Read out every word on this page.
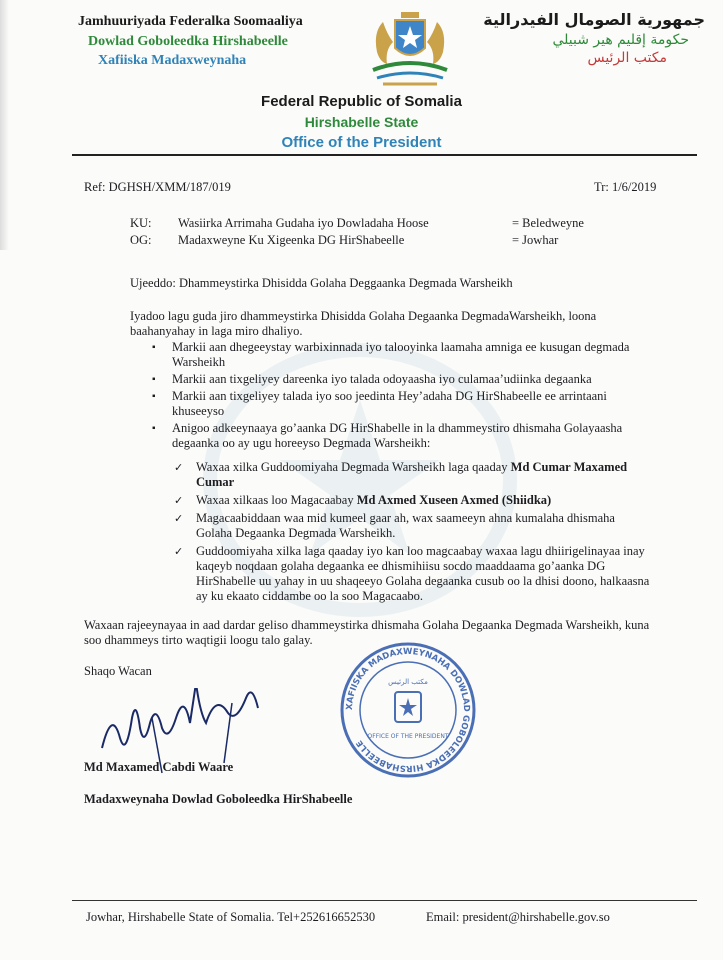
Jamhuuriyada Federalka Soomaaliya
Dowlad Goboleedka Hirshabeelle
Xafiiska Madaxweynaha
جمهورية الصومال الفيدرالية
حكومة إقليم هير شبيلي
مكتب الرئيس
Federal Republic of Somalia
Hirshabelle State
Office of the President
Ref: DGHSH/XMM/187/019	Tr: 1/6/2019
KU: Wasiirka Arrimaha Gudaha iyo Dowladaha Hoose	= Beledweyne
OG: Madaxweyne Ku Xigeenka DG HirShabeelle	= Jowhar
Ujeeddo: Dhammeystirka Dhisidda Golaha Deggaanka Degmada Warsheikh
Iyadoo lagu guda jiro dhammeystirka Dhisidda Golaha Degaanka DegmadaWarsheikh, loona baahanyahay in laga miro dhaliyo.
▪ Markii aan dhegeeystay warbixinnada iyo talooyinka laamaha amniga ee kusugan degmada Warsheikh
▪ Markii aan tixgeliyey dareenka iyo talada odoyaasha iyo culamaa’udiinka degaanka
▪ Markii aan tixgeliyey talada iyo soo jeedinta Hey’adaha DG HirShabeelle ee arrintaani khuseeyso
▪ Anigoo adkeeynaaya go’aanka DG HirShabelle in la dhammeystiro dhismaha Golayaasha degaanka oo ay ugu horeeyso Degmada Warsheikh:
✓ Waxaa xilka Guddoomiyaha Degmada Warsheikh laga qaaday Md Cumar Maxamed Cumar
✓ Waxaa xilkaas loo Magacaabay Md Axmed Xuseen Axmed (Shiidka)
✓ Magacaabiddaan waa mid kumeel gaar ah, wax saameeyn ahna kumalaha dhismaha Golaha Degaanka Degmada Warsheikh.
✓ Guddoomiyaha xilka laga qaaday iyo kan loo magcaabay waxaa lagu dhiirigelinayaa inay kaqeyb noqdaan golaha degaanka ee dhismihiisu socdo maaddaama go’aanka DG HirShabelle uu yahay in uu shaqeeyo Golaha degaanka cusub oo la dhisi doono, halkaasna ay ku ekaato ciddambe oo la soo Magacaabo.
Waxaan rajeeynayaa in aad dardar geliso dhammeystirka dhismaha Golaha Degaanka Degmada Warsheikh, kuna soo dhammeys tirto waqtigii loogu talo galay.
Shaqo Wacan
XAFIISKA MADAXWEYNAHA DOWLAD GOBOLEEDKA HIRSHABEELLE
مكتب الرئيس
OFFICE OF THE PRESIDENT
Md Maxamed Cabdi Waare
Madaxweynaha Dowlad Goboleedka HirShabeelle
Jowhar, Hirshabelle State of Somalia. Tel+252616652530	Email: president@hirshabelle.gov.so
